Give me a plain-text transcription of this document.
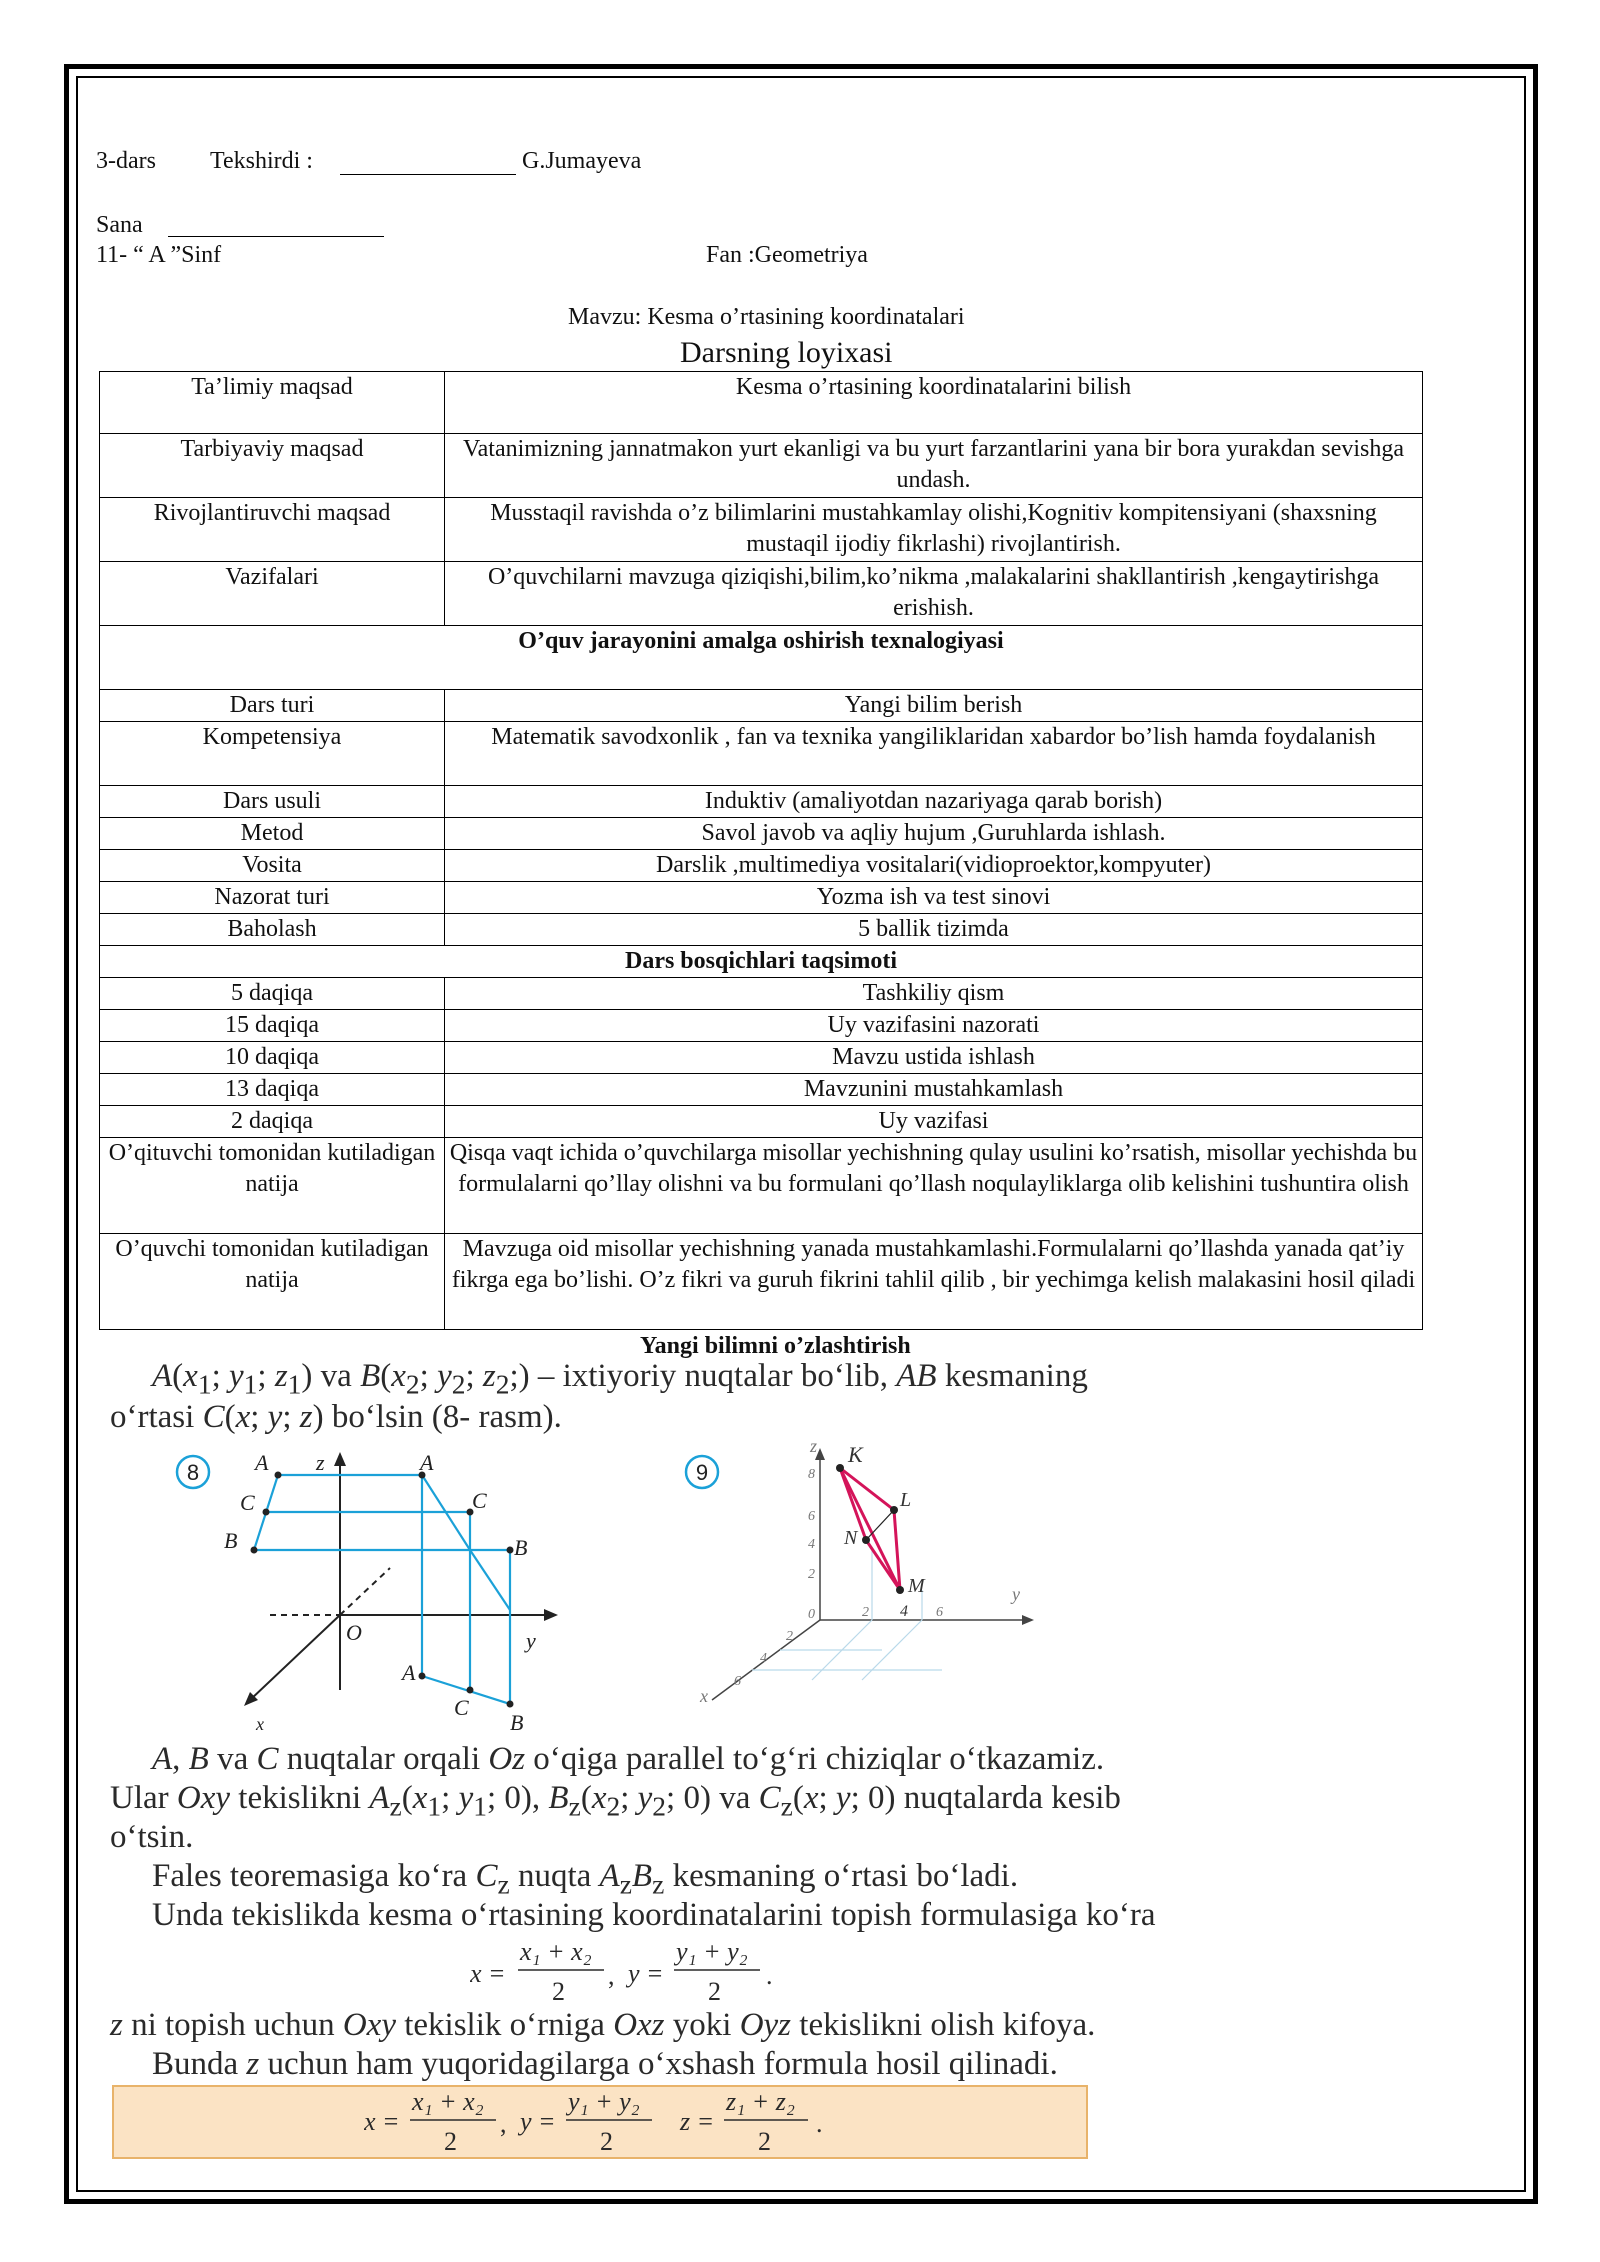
3-dars Tekshirdi :	G.Jumayeva
Sana
11- “ A ”Sinf	Fan :Geometriya
Mavzu: Kesma o’rtasining koordinatalari
Darsning loyixasi
Ta’limiy maqsad	Kesma o’rtasining koordinatalarini bilish
Tarbiyaviy maqsad	Vatanimizning jannatmakon yurt ekanligi va bu yurt farzantlarini yana bir bora yurakdan sevishga undash.
Rivojlantiruvchi maqsad	Musstaqil ravishda o’z bilimlarini mustahkamlay olishi,Kognitiv kompitensiyani (shaxsning mustaqil ijodiy fikrlashi) rivojlantirish.
Vazifalari	O’quvchilarni mavzuga qiziqishi,bilim,ko’nikma ,malakalarini shakllantirish ,kengaytirishga erishish.
O’quv jarayonini amalga oshirish texnalogiyasi	
Dars turi	Yangi bilim berish
Kompetensiya	Matematik savodxonlik , fan va texnika yangiliklaridan xabardor bo’lish hamda foydalanish
Dars usuli	Induktiv (amaliyotdan nazariyaga qarab borish)
Metod	Savol javob va aqliy hujum ,Guruhlarda ishlash.
Vosita	Darslik ,multimediya vositalari(vidioproektor,kompyuter)
Nazorat turi	Yozma ish va test sinovi
Baholash	5 ballik tizimda
Dars bosqichlari taqsimoti	
5 daqiqa	Tashkiliy qism
15 daqiqa	Uy vazifasini nazorati
10 daqiqa	Mavzu ustida ishlash
13 daqiqa	Mavzunini mustahkamlash
2 daqiqa	Uy vazifasi
O’qituvchi tomonidan kutiladigan natija	Qisqa vaqt ichida o’quvchilarga misollar yechishning qulay usulini ko’rsatish, misollar yechishda bu formulalarni qo’llay olishni va bu formulani qo’llash noqulayliklarga olib kelishini tushuntira olish
O’quvchi tomonidan kutiladigan natija	Mavzuga oid misollar yechishning yanada mustahkamlashi.Formulalarni qo’llashda yanada qat’iy fikrga ega bo’lishi. O’z fikri va guruh fikrini tahlil qilib , bir yechimga kelish malakasini hosil qiladi
Yangi bilimni o’zlashtirish
$A(x_1$; $y_1$; $z_1$) va $B(x_2$; $y_2$; $z_2$;) – ixtiyoriy nuqtalar bo‘lib, AB kesmaning
o‘rtasi C(x; y; z) bo‘lsin (8- rasm).
8	A z	A
C
C
B
B
O	y
A
C
B
x
9
z K
8
6
4
2
N
L
M
0	2 4 6
y
2
4
6
x
A, B va C nuqtalar orqali Oz o‘qiga parallel to‘g‘ri chiziqlar o‘tkazamiz.
Ular Oxy tekislikni $A_z(x_1$; $y_1$; 0), $B_z(x_2$; $y_2$; 0) va $C_z(x$; y; 0) nuqtalarda kesib
o‘tsin.
Fales teoremasiga ko‘ra $C_z$ nuqta $A_zB_z$ kesmaning o‘rtasi bo‘ladi.
Unda tekislikda kesma o‘rtasining koordinatalarini topish formulasiga ko‘ra
x =
x₁ + x₂
2
, y =
y₁ + y₂
2
.
z ni topish uchun Oxy tekislik o‘rniga Oxz yoki Oyz tekislikni olish kifoya.
Bunda z uchun ham yuqoridagilarga o‘xshash formula hosil qilinadi.
x =
x₁ + x₂
2
, y =
y₁ + y₂
2
z =
z₁ + z₂
2
.
